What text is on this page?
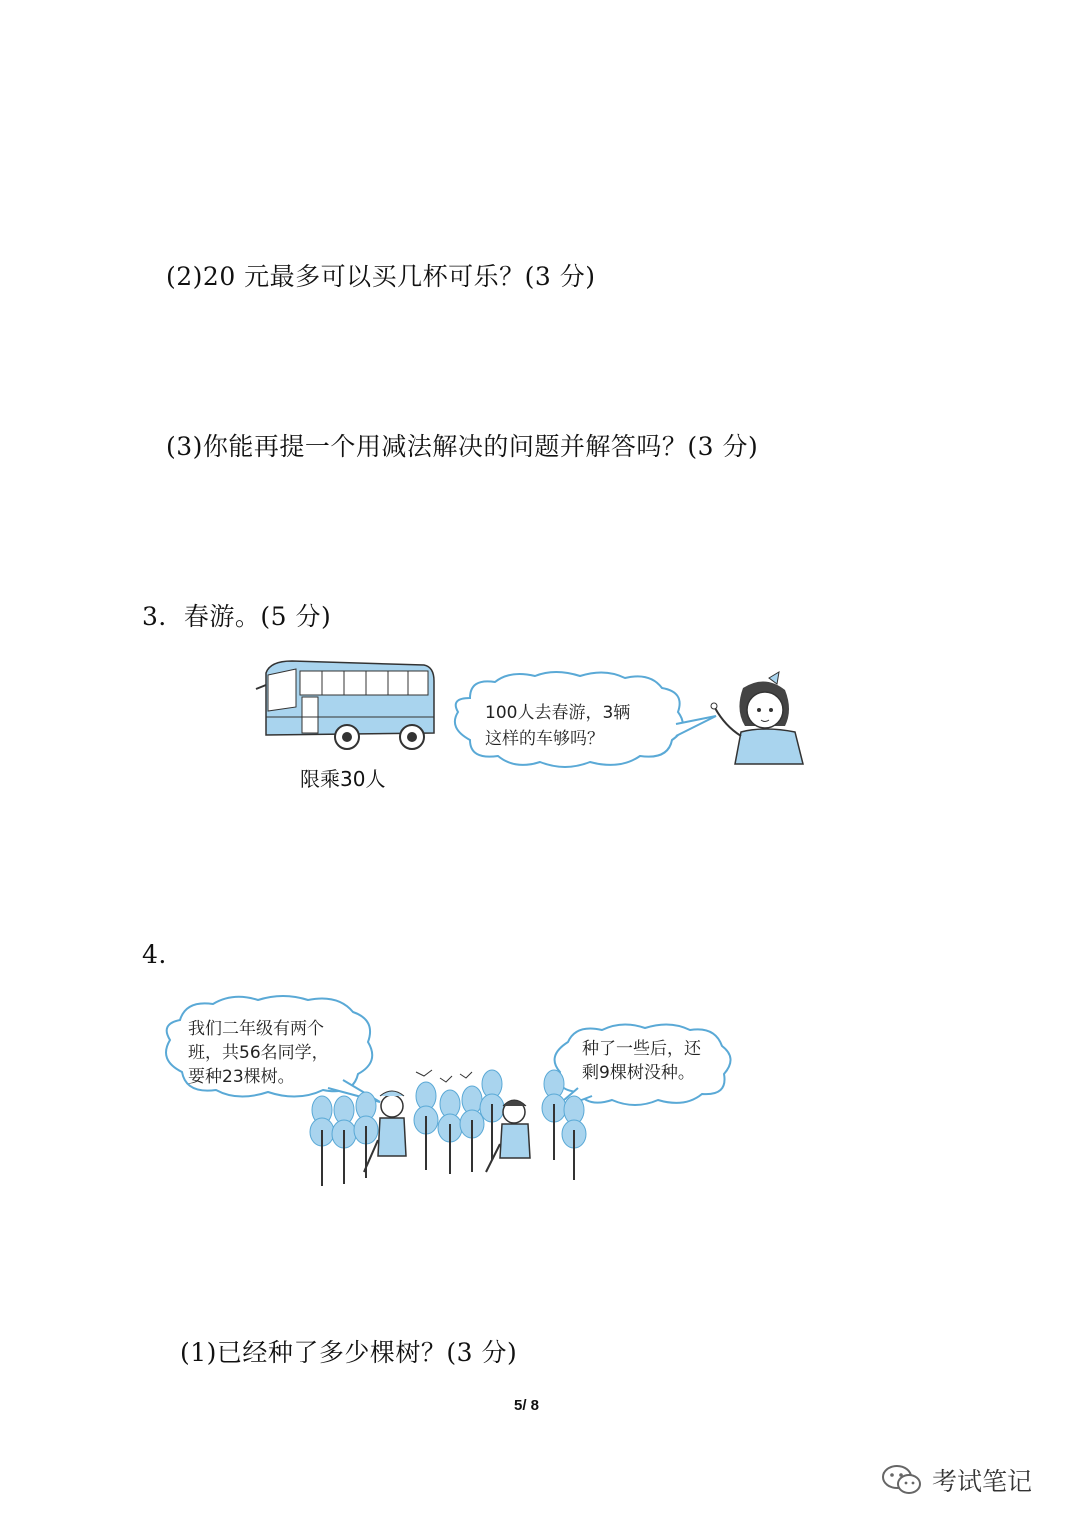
(2)20 元最多可以买几杯可乐？(3 分)
(3)你能再提一个用减法解决的问题并解答吗？(3 分)
3．春游。(5 分)
限乘30人
100人去春游，3辆
这样的车够吗？
4.
我们二年级有两个
班，共56名同学，
要种23棵树。
种了一些后，还
剩9棵树没种。
(1)已经种了多少棵树？(3 分)
5/ 8
考试笔记
